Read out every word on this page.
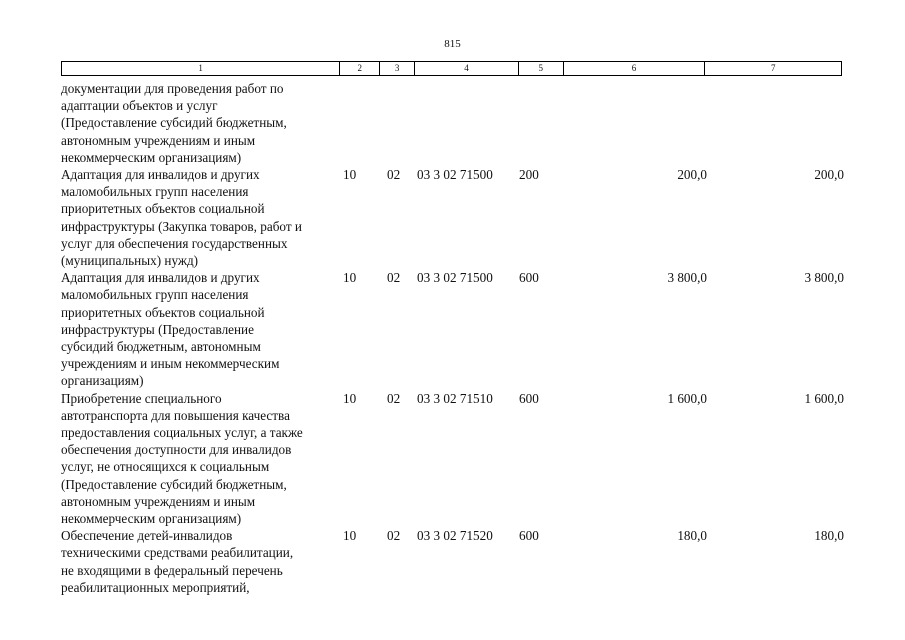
815
1	2	3	4	5	6	7
документации для проведения работ по
адаптации объектов и услуг
(Предоставление субсидий бюджетным,
автономным учреждениям и иным
некоммерческим организациям)
Адаптация для инвалидов и других
маломобильных групп населения
приоритетных объектов социальной
инфраструктуры (Закупка товаров, работ и
услуг для обеспечения государственных
(муниципальных) нужд)
10	02	03 3 02 71500	200	200,0	200,0
Адаптация для инвалидов и других
маломобильных групп населения
приоритетных объектов социальной
инфраструктуры (Предоставление
субсидий бюджетным, автономным
учреждениям и иным некоммерческим
организациям)
10	02	03 3 02 71500	600	3 800,0	3 800,0
Приобретение специального
автотранспорта для повышения качества
предоставления социальных услуг, а также
обеспечения доступности для инвалидов
услуг, не относящихся к социальным
(Предоставление субсидий бюджетным,
автономным учреждениям и иным
некоммерческим организациям)
10	02	03 3 02 71510	600	1 600,0	1 600,0
Обеспечение детей-инвалидов
техническими средствами реабилитации,
не входящими в федеральный перечень
реабилитационных мероприятий,
10	02	03 3 02 71520	600	180,0	180,0
